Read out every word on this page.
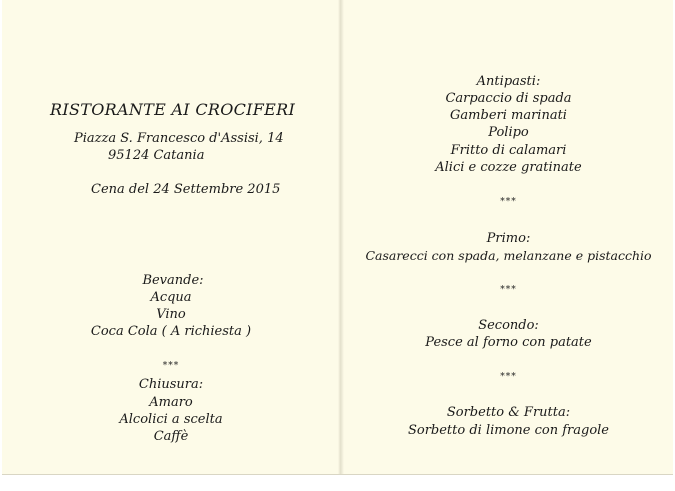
RISTORANTE AI CROCIFERI
Piazza S. Francesco d'Assisi, 14
95124 Catania
Cena del 24 Settembre 2015
Bevande:
Acqua
Vino
Coca Cola ( A richiesta )
***
Chiusura:
Amaro
Alcolici a scelta
Caffè
Antipasti:
Carpaccio di spada
Gamberi marinati
Polipo
Fritto di calamari
Alici e cozze gratinate
***
Primo:
Casarecci con spada, melanzane e pistacchio
***
Secondo:
Pesce al forno con patate
***
Sorbetto & Frutta:
Sorbetto di limone con fragole
